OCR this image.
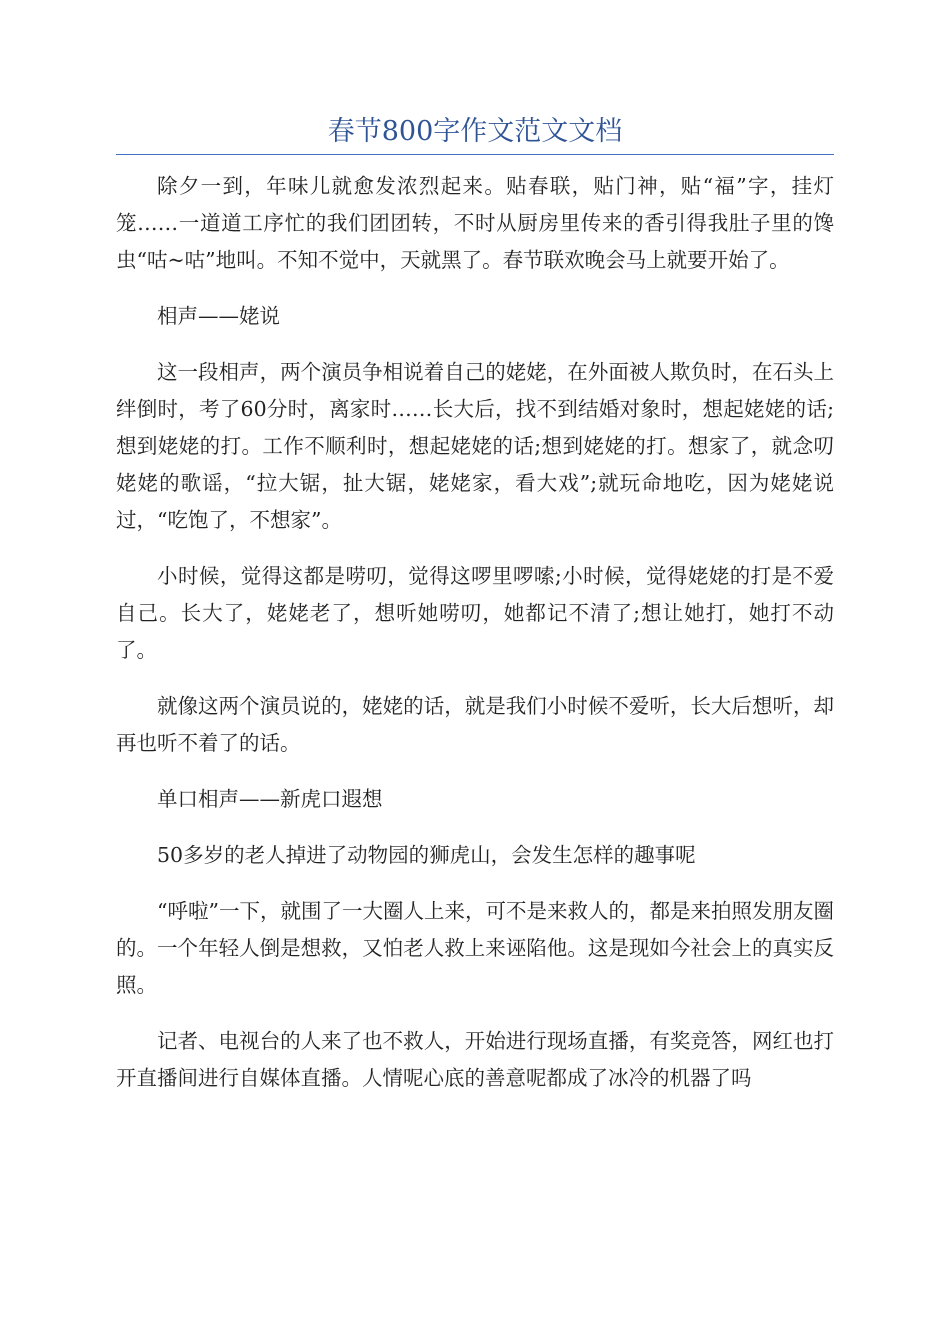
春节800字作文范文文档

除夕一到，年味儿就愈发浓烈起来。贴春联，贴门神，贴“福”字，挂灯笼……一道道工序忙的我们团团转，不时从厨房里传来的香引得我肚子里的馋虫“咕~咕”地叫。不知不觉中，天就黑了。春节联欢晚会马上就要开始了。

相声——姥说

这一段相声，两个演员争相说着自己的姥姥，在外面被人欺负时，在石头上绊倒时，考了60分时，离家时……长大后，找不到结婚对象时，想起姥姥的话;想到姥姥的打。工作不顺利时，想起姥姥的话;想到姥姥的打。想家了，就念叨姥姥的歌谣，“拉大锯，扯大锯，姥姥家，看大戏”;就玩命地吃，因为姥姥说过，“吃饱了，不想家”。

小时候，觉得这都是唠叨，觉得这啰里啰嗦;小时候，觉得姥姥的打是不爱自己。长大了，姥姥老了，想听她唠叨，她都记不清了;想让她打，她打不动了。

就像这两个演员说的，姥姥的话，就是我们小时候不爱听，长大后想听，却再也听不着了的话。

单口相声——新虎口遐想

50多岁的老人掉进了动物园的狮虎山，会发生怎样的趣事呢

“呼啦”一下，就围了一大圈人上来，可不是来救人的，都是来拍照发朋友圈的。一个年轻人倒是想救，又怕老人救上来诬陷他。这是现如今社会上的真实反照。

记者、电视台的人来了也不救人，开始进行现场直播，有奖竞答，网红也打开直播间进行自媒体直播。人情呢心底的善意呢都成了冰冷的机器了吗
